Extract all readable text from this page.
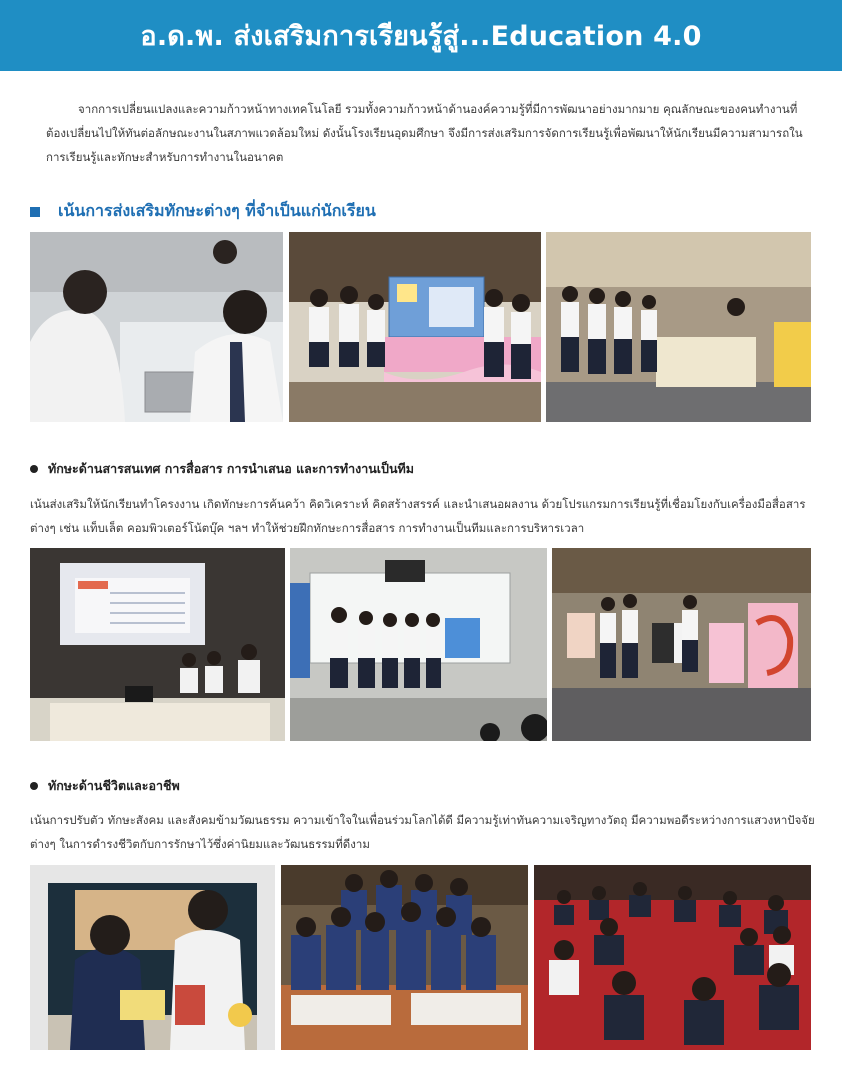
อ.ด.พ. ส่งเสริมการเรียนรู้สู่...Education 4.0
จากการเปลี่ยนแปลงและความก้าวหน้าทางเทคโนโลยี รวมทั้งความก้าวหน้าด้านองค์ความรู้ที่มีการพัฒนาอย่างมากมาย คุณลักษณะของคนทำงานที่ต้องเปลี่ยนไปให้ทันต่อลักษณะงานในสภาพแวดล้อมใหม่ ดังนั้นโรงเรียนอุดมศึกษา จึงมีการส่งเสริมการจัดการเรียนรู้เพื่อพัฒนาให้นักเรียนมีความสามารถในการเรียนรู้และทักษะสำหรับการทำงานในอนาคต
เน้นการส่งเสริมทักษะต่างๆ ที่จำเป็นแก่นักเรียน
ทักษะด้านสารสนเทศ การสื่อสาร การนำเสนอ และการทำงานเป็นทีม
เน้นส่งเสริมให้นักเรียนทำโครงงาน เกิดทักษะการค้นคว้า คิดวิเคราะห์ คิดสร้างสรรค์ และนำเสนอผลงาน ด้วยโปรแกรมการเรียนรู้ที่เชื่อมโยงกับเครื่องมือสื่อสารต่างๆ เช่น แท็บเล็ต คอมพิวเตอร์โน้ตบุ๊ค ฯลฯ ทำให้ช่วยฝึกทักษะการสื่อสาร การทำงานเป็นทีมและการบริหารเวลา
ทักษะด้านชีวิตและอาชีพ
เน้นการปรับตัว ทักษะสังคม และสังคมข้ามวัฒนธรรม ความเข้าใจในเพื่อนร่วมโลกได้ดี มีความรู้เท่าทันความเจริญทางวัตถุ มีความพอดีระหว่างการแสวงหาปัจจัยต่างๆ ในการดำรงชีวิตกับการรักษาไว้ซึ่งค่านิยมและวัฒนธรรมที่ดีงาม
